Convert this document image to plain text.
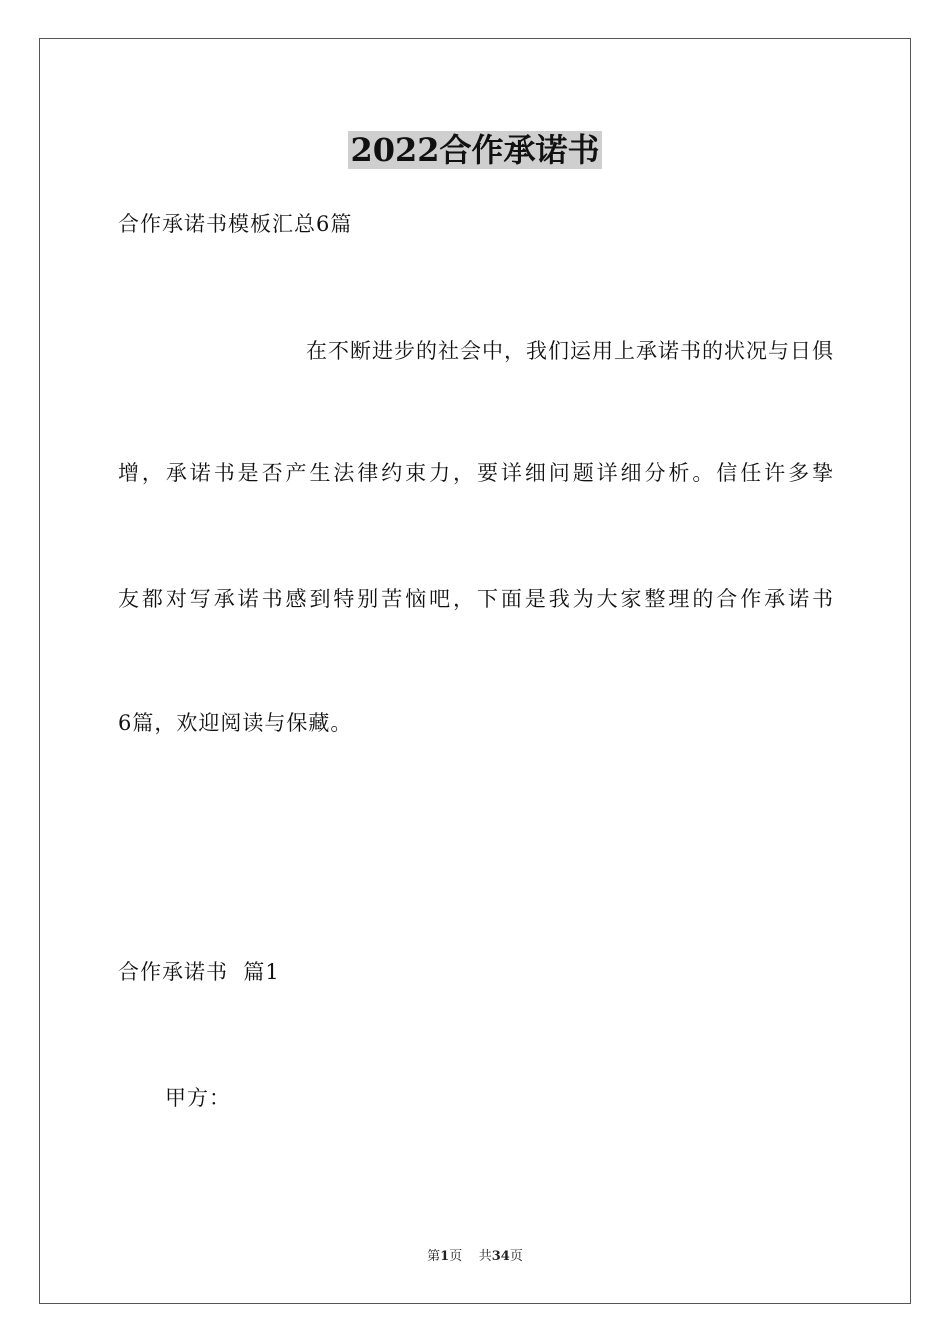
2022合作承诺书
合作承诺书模板汇总6篇
在不断进步的社会中，我们运用上承诺书的状况与日俱
增，承诺书是否产生法律约束力，要详细问题详细分析。信任许多挚
友都对写承诺书感到特别苦恼吧，下面是我为大家整理的合作承诺书
6篇，欢迎阅读与保藏。
合作承诺书  篇1
甲方：
第1页 共34页
